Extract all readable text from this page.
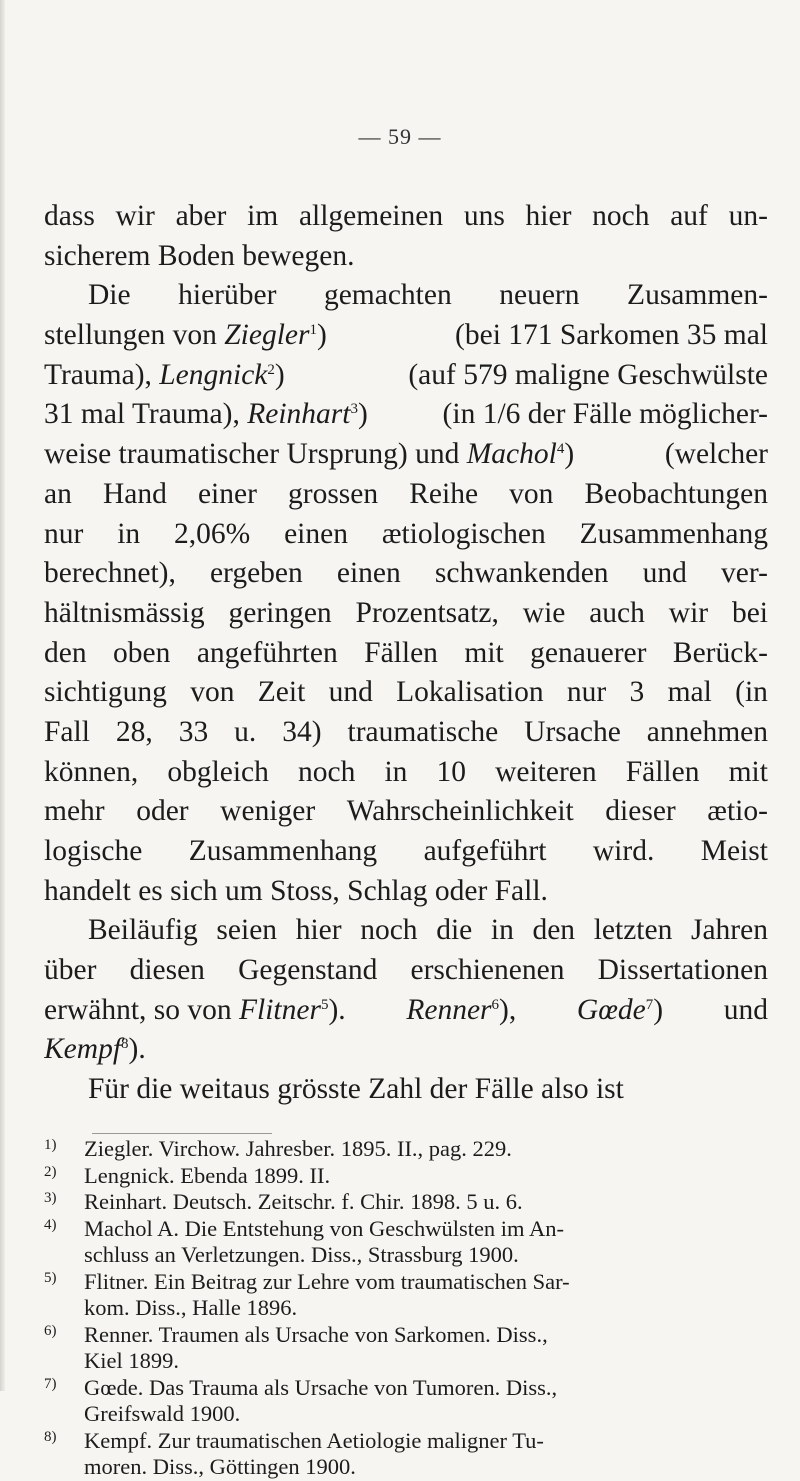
— 59 —
dass wir aber im allgemeinen uns hier noch auf un-
sicherem Boden bewegen.
Die hierüber gemachten neuern Zusammen-
stellungen von Ziegler$^1$)	(bei 171 Sarkomen 35 mal
Trauma), Lengnick$^2$)	(auf 579 maligne Geschwülste
31 mal Trauma), Reinhart$^3$)	(in 1/6 der Fälle möglicher-
weise traumatischer Ursprung) und Machol$^4$)	(welcher
an Hand einer grossen Reihe von Beobachtungen
nur in 2,06% einen ætiologischen Zusammenhang
berechnet), ergeben einen schwankenden und ver-
hältnismässig geringen Prozentsatz, wie auch wir bei
den oben angeführten Fällen mit genauerer Berück-
sichtigung von Zeit und Lokalisation nur 3 mal (in
Fall 28, 33 u. 34) traumatische Ursache annehmen
können, obgleich noch in 10 weiteren Fällen mit
mehr oder weniger Wahrscheinlichkeit dieser ætio-
logische Zusammenhang aufgeführt wird. Meist
handelt es sich um Stoss, Schlag oder Fall.
Beiläufig seien hier noch die in den letzten Jahren
über diesen Gegenstand erschienenen Dissertationen
erwähnt, so von Flitner$^5$). Renner$^6$), Gœde$^7$) und
Kempf$^8$).
Für die weitaus grösste Zahl der Fälle also ist
1) Ziegler. Virchow. Jahresber. 1895. II., pag. 229.
2) Lengnick. Ebenda 1899. II.
3) Reinhart. Deutsch. Zeitschr. f. Chir. 1898. 5 u. 6.
4) Machol A. Die Entstehung von Geschwülsten im An-
schluss an Verletzungen. Diss., Strassburg 1900.
5) Flitner. Ein Beitrag zur Lehre vom traumatischen Sar-
kom. Diss., Halle 1896.
6) Renner. Traumen als Ursache von Sarkomen. Diss.,
Kiel 1899.
7) Gœde. Das Trauma als Ursache von Tumoren. Diss.,
Greifswald 1900.
8) Kempf. Zur traumatischen Aetiologie maligner Tu-
moren. Diss., Göttingen 1900.
